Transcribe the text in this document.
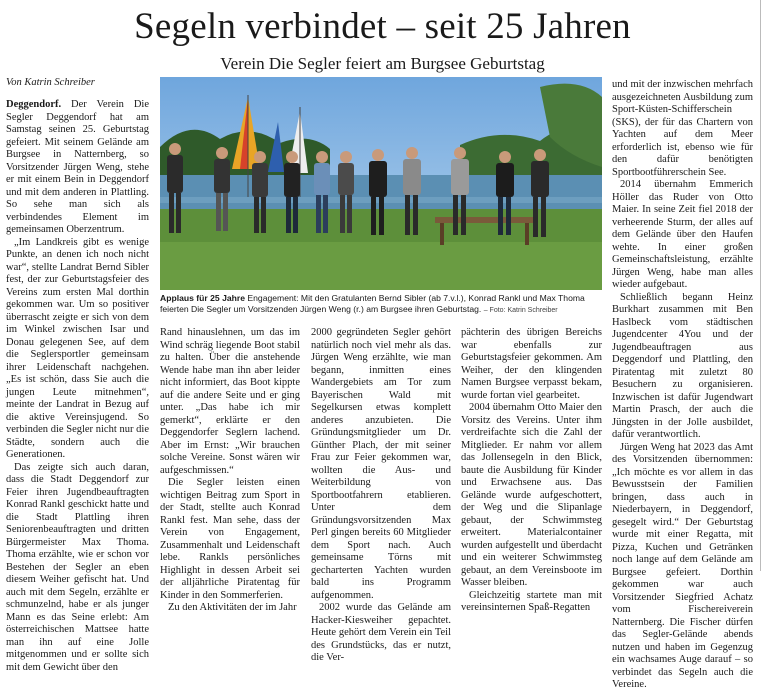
Segeln verbindet – seit 25 Jahren
Verein Die Segler feiert am Burgsee Geburtstag
Von Katrin Schreiber

Deggendorf. Der Verein Die Segler Deggendorf hat am Samstag seinen 25. Geburtstag gefeiert. Mit seinem Gelände am Burgsee in Natternberg, so Vorsitzender Jürgen Weng, stehe er mit einem Bein in Deggendorf und mit dem anderen in Plattling. So sehe man sich als verbindendes Element im gemeinsamen Oberzentrum.

„Im Landkreis gibt es wenige Punkte, an denen ich noch nicht war“, stellte Landrat Bernd Sibler fest, der zur Geburtstagsfeier des Vereins zum ersten Mal dorthin gekommen war. Um so positiver überrascht zeigte er sich von dem im Winkel zwischen Isar und Donau gelegenen See, auf dem die Seglersportler gemeinsam ihrer Leidenschaft nachgehen. „Es ist schön, dass Sie auch die jungen Leute mitnehmen“, meinte der Landrat in Bezug auf die aktive Vereinsjugend. So verbinden die Segler nicht nur die Städte, sondern auch die Generationen.

Das zeigte sich auch daran, dass die Stadt Deggendorf zur Feier ihren Jugendbeauftragten Konrad Rankl geschickt hatte und die Stadt Plattling ihren Seniorenbeauftragten und dritten Bürgermeister Max Thoma. Thoma erzählte, wie er schon vor Bestehen der Segler an eben diesem Weiher gefischt hat. Und auch mit dem Segeln, erzählte er schmunzelnd, habe er als junger Mann es das Seine erlebt: Am österreichischen Mattsee hatte man ihn auf eine Jolle mitgenommen und er sollte sich mit dem Gewicht über den

Applaus für 25 Jahre Engagement: Mit den Gratulanten Bernd Sibler (ab 7.v.l.), Konrad Rankl und Max Thoma feierten Die Segler um Vorsitzenden Jürgen Weng (r.) am Burgsee ihren Geburtstag. – Foto: Katrin Schreiber

Rand hinauslehnen, um das im Wind schräg liegende Boot stabil zu halten. Über die anstehende Wende habe man ihn aber leider nicht informiert, das Boot kippte auf die andere Seite und er ging unter. „Das habe ich mir gemerkt“, erklärte er den Deggendorfer Seglern lachend. Aber im Ernst: „Wir brauchen solche Vereine. Sonst wären wir aufgeschmissen.“

Die Segler leisten einen wichtigen Beitrag zum Sport in der Stadt, stellte auch Konrad Rankl fest. Man sehe, dass der Verein von Engagement, Zusammenhalt und Leidenschaft lebe. Rankls persönliches Highlight in dessen Arbeit sei der alljährliche Piratentag für Kinder in den Sommerferien.

Zu den Aktivitäten der im Jahr

2000 gegründeten Segler gehört natürlich noch viel mehr als das. Jürgen Weng erzählte, wie man begann, inmitten eines Wandergebiets am Tor zum Bayerischen Wald mit Segelkursen etwas komplett anderes anzubieten. Die Gründungsmitglieder um Dr. Günther Plach, der mit seiner Frau zur Feier gekommen war, wollten die Aus- und Weiterbildung von Sportbootfahrern etablieren. Unter dem Gründungsvorsitzenden Max Perl gingen bereits 60 Mitglieder dem Sport nach. Auch gemeinsame Törns mit gecharterten Yachten wurden bald ins Programm aufgenommen.

2002 wurde das Gelände am Hacker-Kiesweiher gepachtet. Heute gehört dem Verein ein Teil des Grundstücks, das er nutzt, die Ver-

pächterin des übrigen Bereichs war ebenfalls zur Geburtstagsfeier gekommen. Am Weiher, der den klingenden Namen Burgsee verpasst bekam, wurde fortan viel gearbeitet.

2004 übernahm Otto Maier den Vorsitz des Vereins. Unter ihm verdreifachte sich die Zahl der Mitglieder. Er nahm vor allem das Jollensegeln in den Blick, baute die Ausbildung für Kinder und Erwachsene aus. Das Gelände wurde aufgeschottert, der Weg und die Slipanlage gebaut, der Schwimmsteg erweitert. Materialcontainer wurden aufgestellt und überdacht und ein weiterer Schwimmsteg gebaut, an dem Vereinsboote im Wasser bleiben.

Gleichzeitig startete man mit vereinsinternen Spaß-Regatten

und mit der inzwischen mehrfach ausgezeichneten Ausbildung zum Sport-Küsten-Schifferschein (SKS), der für das Chartern von Yachten auf dem Meer erforderlich ist, ebenso wie für den dafür benötigten Sportbootführerschein See.

2014 übernahm Emmerich Höller das Ruder von Otto Maier. In seine Zeit fiel 2018 der verheerende Sturm, der alles auf dem Gelände über den Haufen wehte. In einer großen Gemeinschaftsleistung, erzählte Jürgen Weng, habe man alles wieder aufgebaut.

Schließlich begann Heinz Burkhart zusammen mit Ben Haslbeck vom städtischen Jugendcenter 4You und der Jugendbeauftragen aus Deggendorf und Plattling, den Piratentag mit zuletzt 80 Besuchern zu organisieren. Inzwischen ist dafür Jugendwart Martin Prasch, der auch die Jüngsten in der Jolle ausbildet, dafür verantwortlich.

Jürgen Weng hat 2023 das Amt des Vorsitzenden übernommen: „Ich möchte es vor allem in das Bewusstsein der Familien bringen, dass auch in Niederbayern, in Deggendorf, gesegelt wird.“ Der Geburtstag wurde mit einer Regatta, mit Pizza, Kuchen und Getränken noch lange auf dem Gelände am Burgsee gefeiert. Dorthin gekommen war auch Vorsitzender Siegfried Achatz vom Fischereiverein Natternberg. Die Fischer dürfen das Segler-Gelände abends nutzen und haben im Gegenzug ein wachsames Auge darauf – so verbindet das Segeln auch die Vereine.
